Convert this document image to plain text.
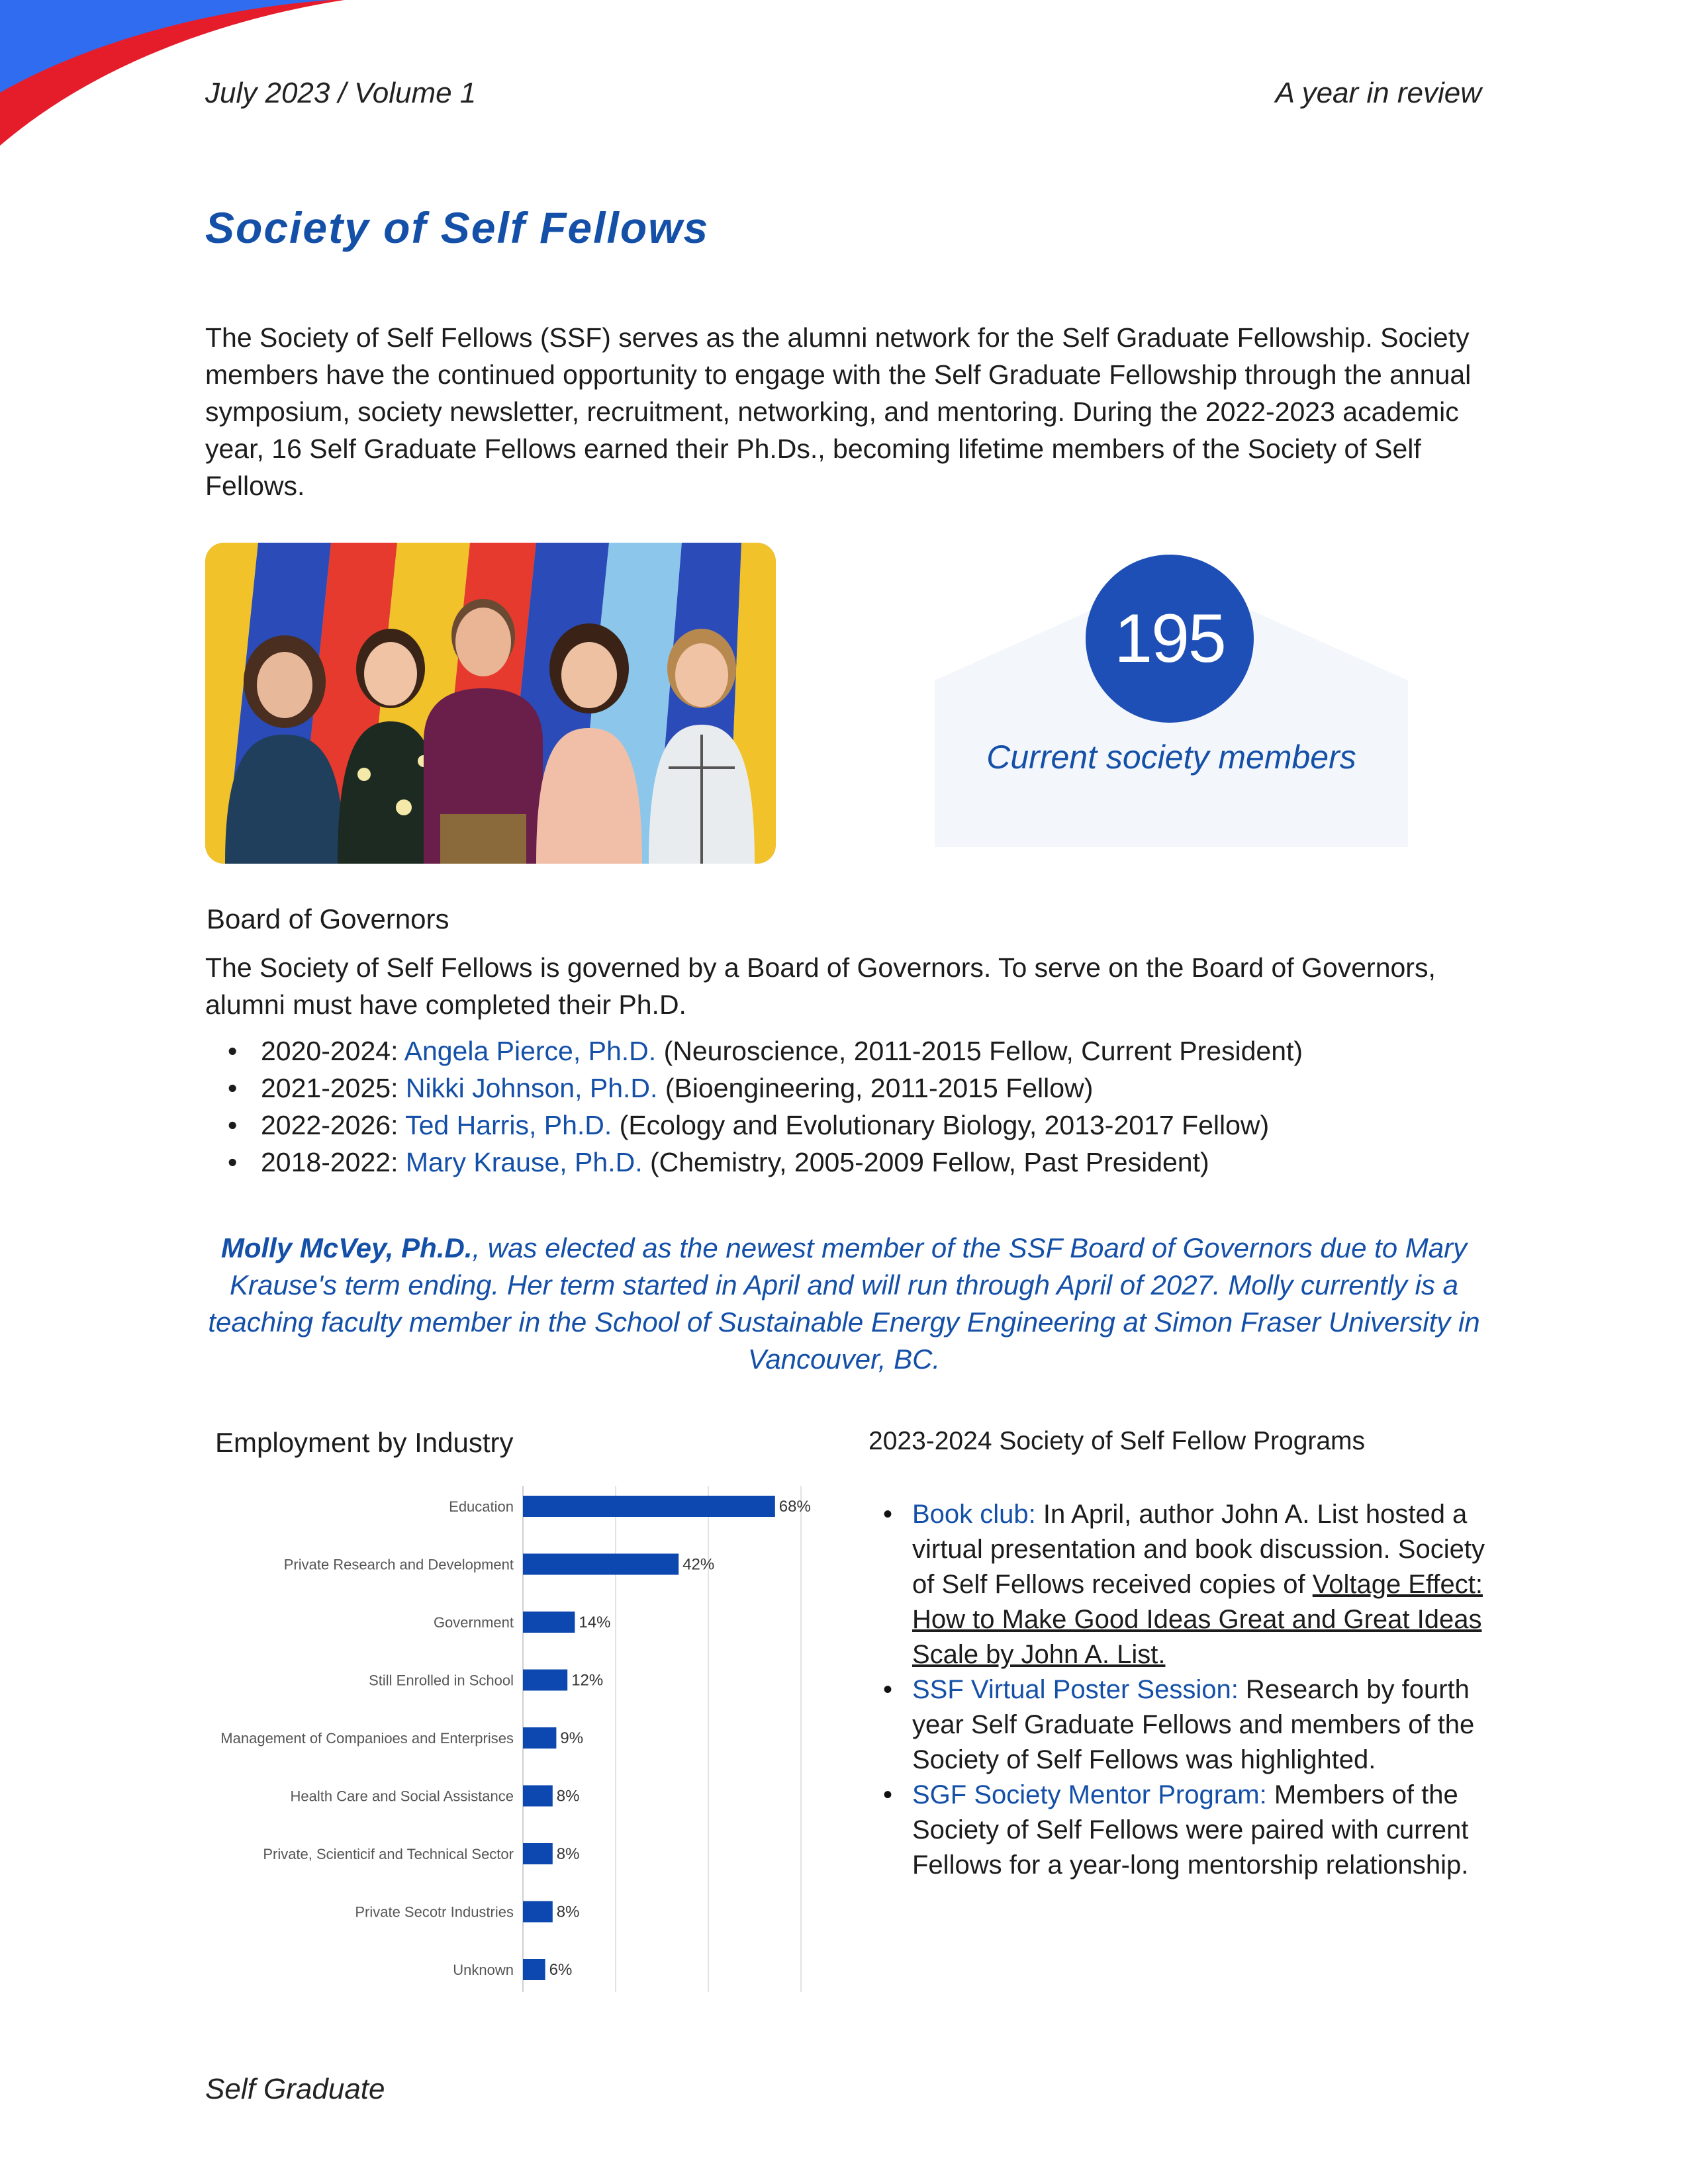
July 2023 / Volume 1	A year in review
Society of Self Fellows

The Society of Self Fellows (SSF) serves as the alumni network for the Self Graduate Fellowship. Society members have the continued opportunity to engage with the Self Graduate Fellowship through the annual symposium, society newsletter, recruitment, networking, and mentoring. During the 2022-2023 academic year, 16 Self Graduate Fellows earned their Ph.Ds., becoming lifetime members of the Society of Self Fellows.

195
Current society members
Board of Governors

The Society of Self Fellows is governed by a Board of Governors. To serve on the Board of Governors, alumni must have completed their Ph.D.

• 2020-2024: Angela Pierce, Ph.D. (Neuroscience, 2011-2015 Fellow, Current President)
• 2021-2025: Nikki Johnson, Ph.D. (Bioengineering, 2011-2015 Fellow)
• 2022-2026: Ted Harris, Ph.D. (Ecology and Evolutionary Biology, 2013-2017 Fellow)
• 2018-2022: Mary Krause, Ph.D. (Chemistry, 2005-2009 Fellow, Past President)

Molly McVey, Ph.D., was elected as the newest member of the SSF Board of Governors due to Mary Krause's term ending. Her term started in April and will run through April of 2027. Molly currently is a teaching faculty member in the School of Sustainable Energy Engineering at Simon Fraser University in Vancouver, BC.

Employment by Industry
Education	68%
Private Research and Development	42%
Government	14%
Still Enrolled in School	12%
Management of Companioes and Enterprises	9%
Health Care and Social Assistance	8%
Private, Scienticif and Technical Sector	8%
Private Secotr Industries	8%
Unknown 6%
2023-2024 Society of Self Fellow Programs
• Book club: In April, author John A. List hosted a virtual presentation and book discussion. Society of Self Fellows received copies of Voltage Effect: How to Make Good Ideas Great and Great Ideas Scale by John A. List.
• SSF Virtual Poster Session: Research by fourth year Self Graduate Fellows and members of the Society of Self Fellows was highlighted.
• SGF Society Mentor Program: Members of the Society of Self Fellows were paired with current Fellows for a year-long mentorship relationship.
Self Graduate
